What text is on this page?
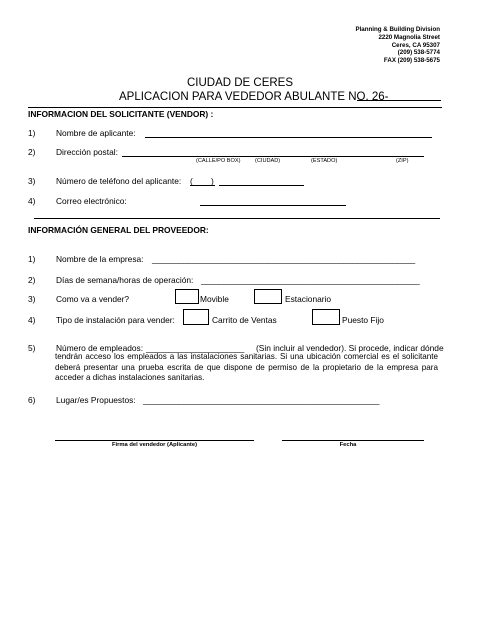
Planning & Building Division
2220 Magnolia Street
Ceres, CA 95307
(209) 538-5774
FAX (209) 538-5675
CIUDAD DE CERES
APLICACION PARA VEDEDOR ABULANTE NO. 26-
INFORMACION DEL SOLICITANTE (VENDOR) :
1) Nombre de aplicante:
2) Dirección postal:
(CALLE/PO BOX)	(CIUDAD)	(ESTADO)	(ZIP)
3) Número de teléfono del aplicante: ( )
4) Correo electrónico:
INFORMACIÓN GENERAL DEL PROVEEDOR:
1) Nombre de la empresa: ___________________________________________________________
2) Días de semana/horas de operación: _________________________________________________
3) Como va a vender?	Movible	Estacionario
4) Tipo de instalación para vender:	Carrito de Ventas	Puesto Fijo
5) Número de empleados: ______________________ (Sin incluir al vendedor). Si procede, indicar dónde
tendrán acceso los empleados a las instalaciones sanitarias. Si una ubicación comercial es el solicitante deberá presentar una prueba escrita de que dispone de permiso de la propietario de la empresa para acceder a dichas instalaciones sanitarias.
6) Lugar/es Propuestos: _____________________________________________________
Firma del vendedor (Aplicante)	Fecha
